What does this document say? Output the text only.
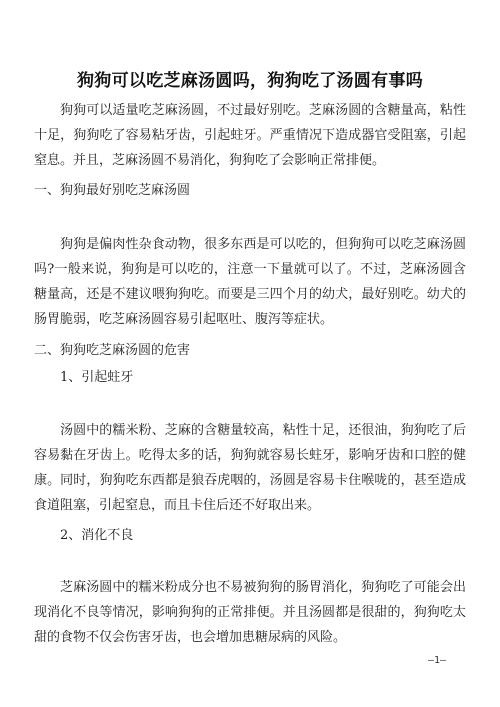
狗狗可以吃芝麻汤圆吗，狗狗吃了汤圆有事吗
狗狗可以适量吃芝麻汤圆，不过最好别吃。芝麻汤圆的含糖量高，粘性十足，狗狗吃了容易粘牙齿，引起蛀牙。严重情况下造成器官受阻塞，引起窒息。并且，芝麻汤圆不易消化，狗狗吃了会影响正常排便。
一、狗狗最好别吃芝麻汤圆
狗狗是偏肉性杂食动物，很多东西是可以吃的，但狗狗可以吃芝麻汤圆吗?一般来说，狗狗是可以吃的，注意一下量就可以了。不过，芝麻汤圆含糖量高，还是不建议喂狗狗吃。而要是三四个月的幼犬，最好别吃。幼犬的肠胃脆弱，吃芝麻汤圆容易引起呕吐、腹泻等症状。
二、狗狗吃芝麻汤圆的危害
1、引起蛀牙
汤圆中的糯米粉、芝麻的含糖量较高，粘性十足，还很油，狗狗吃了后容易黏在牙齿上。吃得太多的话，狗狗就容易长蛀牙，影响牙齿和口腔的健康。同时，狗狗吃东西都是狼吞虎咽的，汤圆是容易卡住喉咙的，甚至造成食道阻塞，引起窒息，而且卡住后还不好取出来。
2、消化不良
芝麻汤圆中的糯米粉成分也不易被狗狗的肠胃消化，狗狗吃了可能会出现消化不良等情况，影响狗狗的正常排便。并且汤圆都是很甜的，狗狗吃太甜的食物不仅会伤害牙齿，也会增加患糖尿病的风险。
—1—
